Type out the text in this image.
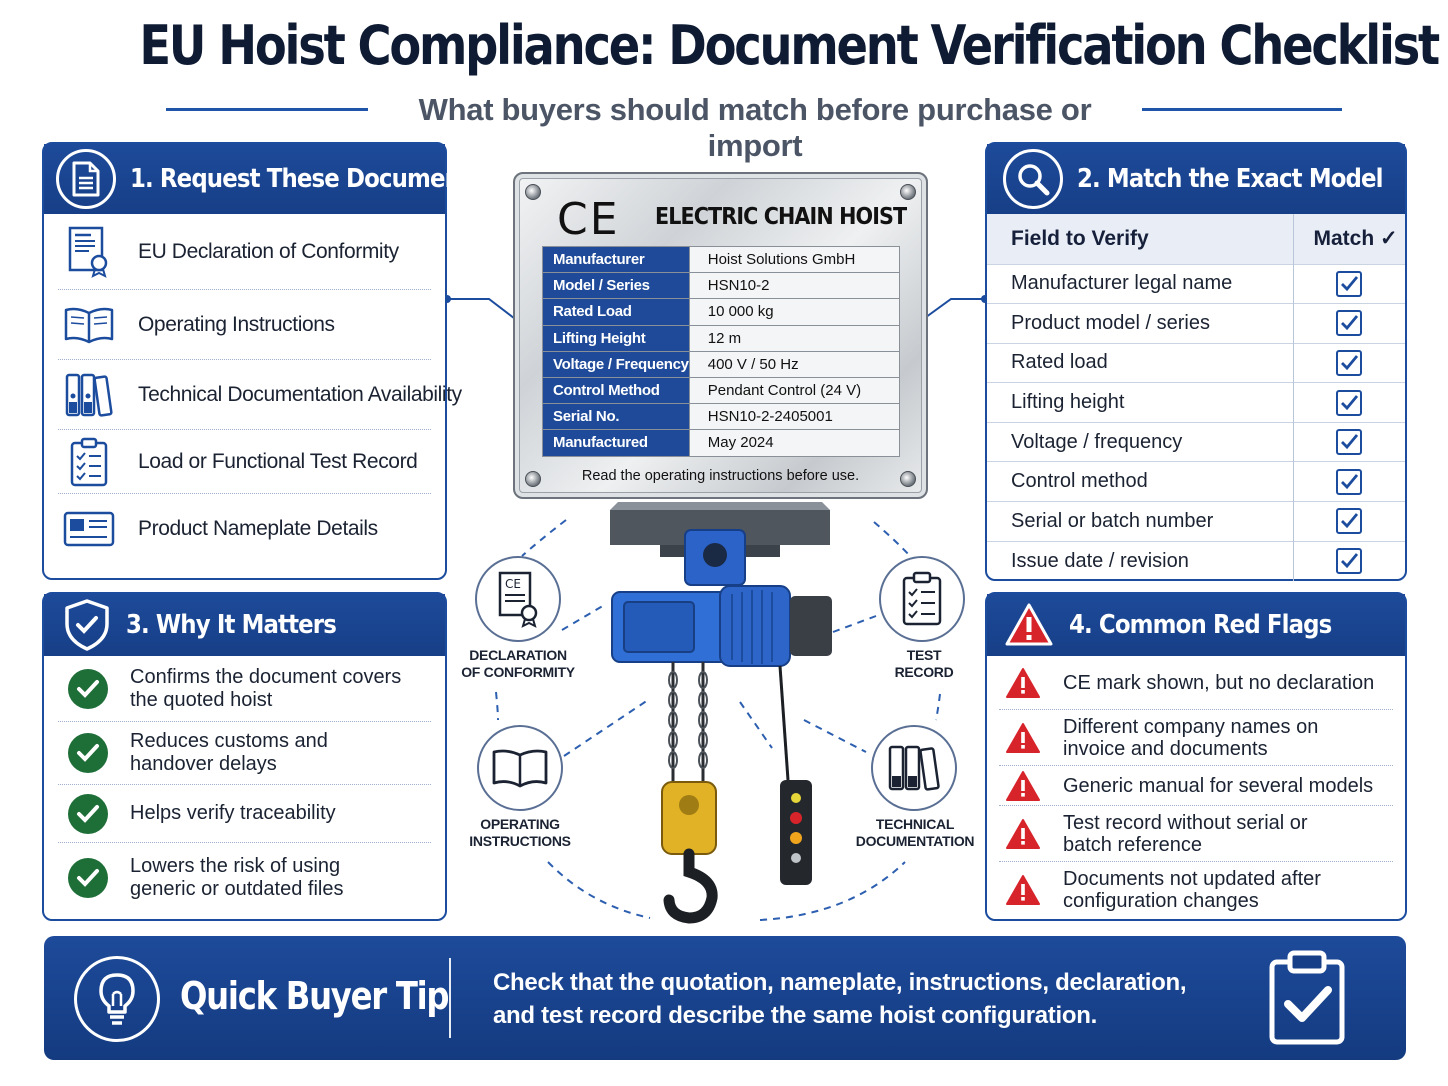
EU Hoist Compliance: Document Verification Checklist
What buyers should match before purchase or import
1. Request These Documents
EU Declaration of Conformity
Operating Instructions
Technical Documentation Availability
Load or Functional Test Record
Product Nameplate Details
CE ELECTRIC CHAIN HOIST
Manufacturer	Hoist Solutions GmbH
Model / Series	HSN10-2
Rated Load	10 000 kg
Lifting Height	12 m
Voltage / Frequency	400 V / 50 Hz
Control Method	Pendant Control (24 V)
Serial No.	HSN10-2-2405001
Manufactured	May 2024
Read the operating instructions before use.
CE
DECLARATION
OF CONFORMITY
OPERATING
INSTRUCTIONS
TEST
RECORD
TECHNICAL
DOCUMENTATION
2. Match the Exact Model
Field to Verify	Match ✓
Manufacturer legal name	

Product model / series	

Rated load	

Lifting height	

Voltage / frequency	

Control method	

Serial or batch number	

Issue date / revision	
3. Why It Matters
Confirms the document covers
the quoted hoist
Reduces customs and
handover delays
Helps verify traceability
Lowers the risk of using
generic or outdated files
4. Common Red Flags
CE mark shown, but no declaration
Different company names on
invoice and documents
Generic manual for several models
Test record without serial or
batch reference
Documents not updated after
configuration changes
Quick Buyer Tip Check that the quotation, nameplate, instructions, declaration,
and test record describe the same hoist configuration.
